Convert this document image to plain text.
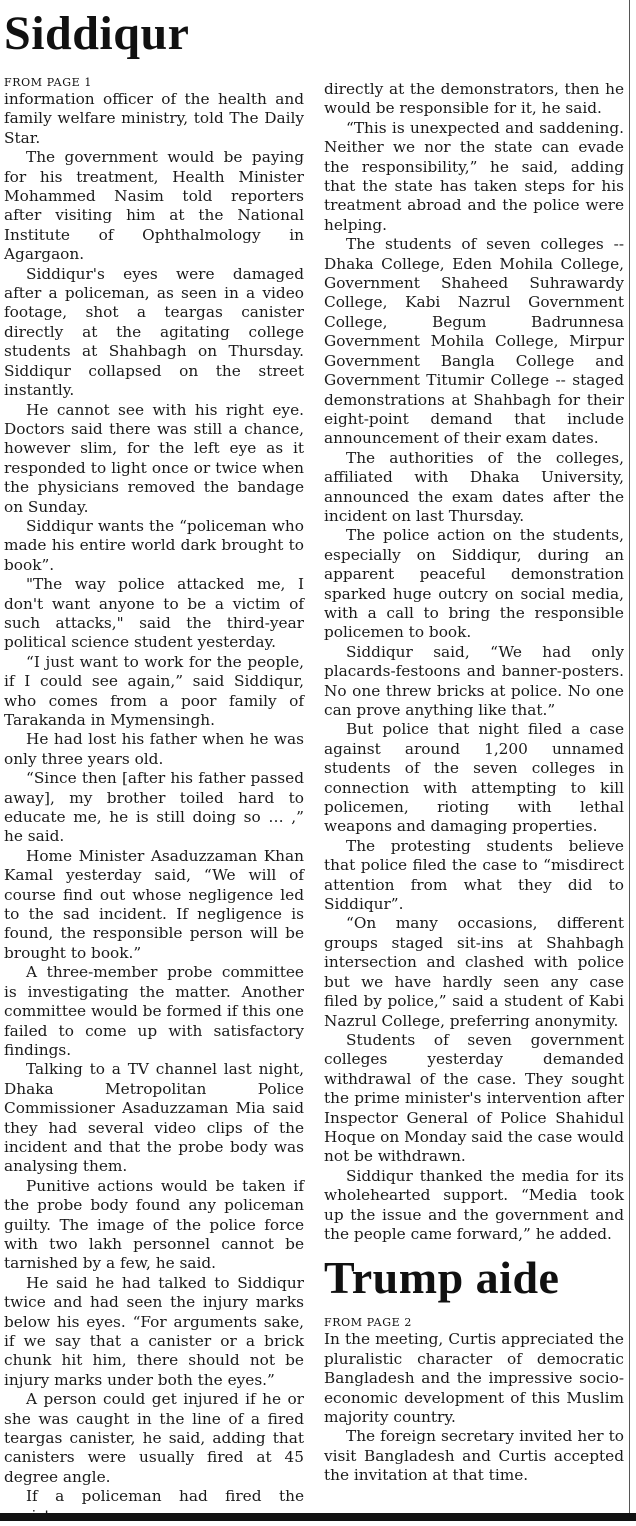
Siddiqur
FROM PAGE 1

information officer of the health and family welfare ministry, told The Daily Star.

The government would be paying for his treatment, Health Minister Mohammed Nasim told reporters after visiting him at the National Institute of Ophthalmology in Agargaon.

Siddiqur's eyes were damaged after a policeman, as seen in a video footage, shot a teargas canister directly at the agitating college students at Shahbagh on Thursday. Siddiqur collapsed on the street instantly.

He cannot see with his right eye. Doctors said there was still a chance, however slim, for the left eye as it responded to light once or twice when the physicians removed the bandage on Sunday.

Siddiqur wants the “policeman who made his entire world dark brought to book”.

"The way police attacked me, I don't want anyone to be a victim of such attacks," said the third-year political science student yesterday.

“I just want to work for the people, if I could see again,” said Siddiqur, who comes from a poor family of Tarakanda in Mymensingh.

He had lost his father when he was only three years old.

“Since then [after his father passed away], my brother toiled hard to educate me, he is still doing so … ,” he said.

Home Minister Asaduzzaman Khan Kamal yesterday said, “We will of course find out whose negligence led to the sad incident. If negligence is found, the responsible person will be brought to book.”

A three-member probe committee is investigating the matter. Another committee would be formed if this one failed to come up with satisfactory findings.

Talking to a TV channel last night, Dhaka Metropolitan Police Commissioner Asaduzzaman Mia said they had several video clips of the incident and that the probe body was analysing them.

Punitive actions would be taken if the probe body found any policeman guilty. The image of the police force with two lakh personnel cannot be tarnished by a few, he said.

He said he had talked to Siddiqur twice and had seen the injury marks below his eyes. “For arguments sake, if we say that a canister or a brick chunk hit him, there should not be injury marks under both the eyes.”

A person could get injured if he or she was caught in the line of a fired teargas canister, he said, adding that canisters were usually fired at 45 degree angle.

If a policeman had fired the

directly at the demonstrators, then he would be responsible for it, he said.

“This is unexpected and saddening. Neither we nor the state can evade the responsibility,” he said, adding that the state has taken steps for his treatment abroad and the police were helping.

The students of seven colleges -- Dhaka College, Eden Mohila College, Government Shaheed Suhrawardy College, Kabi Nazrul Government College, Begum Badrunnesa Government Mohila College, Mirpur Government Bangla College and Government Titumir College -- staged demonstrations at Shahbagh for their eight-point demand that include announcement of their exam dates.

The authorities of the colleges, affiliated with Dhaka University, announced the exam dates after the incident on last Thursday.

The police action on the students, especially on Siddiqur, during an apparent peaceful demonstration sparked huge outcry on social media, with a call to bring the responsible policemen to book.

Siddiqur said, “We had only placards-festoons and banner-posters. No one threw bricks at police. No one can prove anything like that.”

But police that night filed a case against around 1,200 unnamed students of the seven colleges in connection with attempting to kill policemen, rioting with lethal weapons and damaging properties.

The protesting students believe that police filed the case to “misdirect attention from what they did to Siddiqur”.

“On many occasions, different groups staged sit-ins at Shahbagh intersection and clashed with police but we have hardly seen any case filed by police,” said a student of Kabi Nazrul College, preferring anonymity.

Students of seven government colleges yesterday demanded withdrawal of the case. They sought the prime minister's intervention after Inspector General of Police Shahidul Hoque on Monday said the case would not be withdrawn.

Siddiqur thanked the media for its wholehearted support. “Media took up the issue and the government and the people came forward,” he added.

Trump aide
FROM PAGE 2

In the meeting, Curtis appreciated the pluralistic character of democratic Bangladesh and the impressive socio-economic development of this Muslim majority country.

The foreign secretary invited her to visit Bangladesh and Curtis accepted the invitation at that time.
